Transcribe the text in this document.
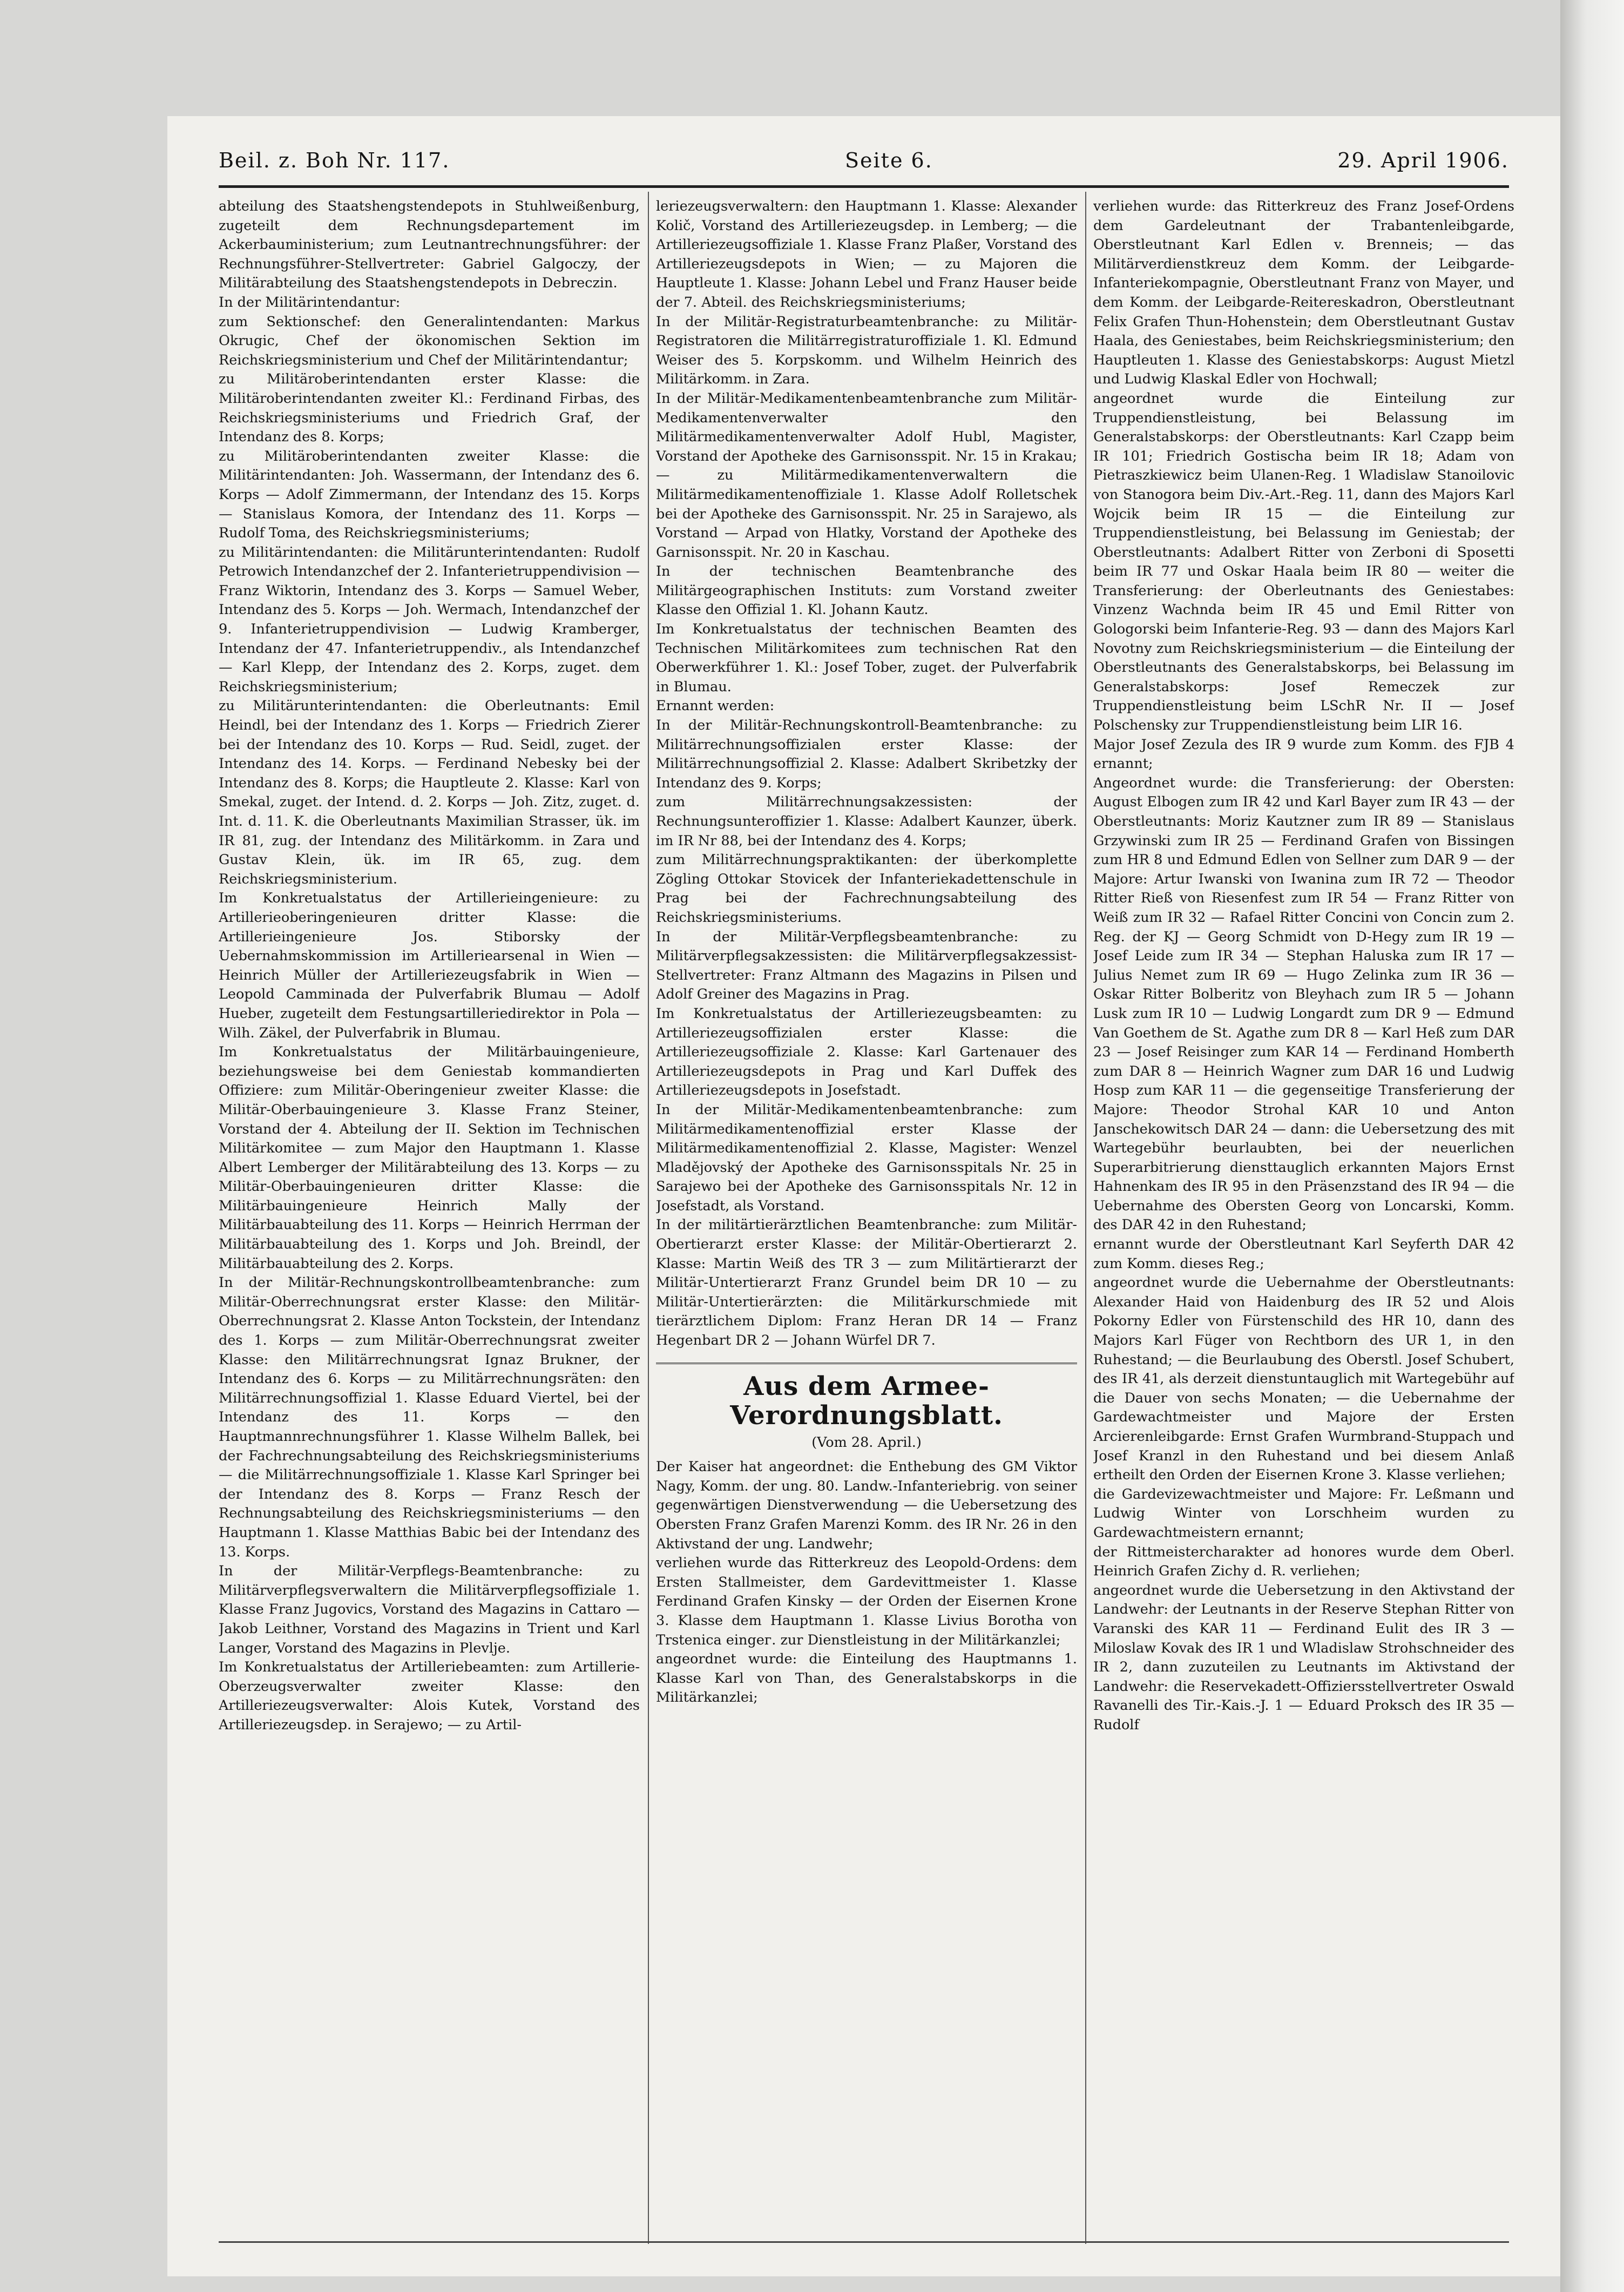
Beil. z. Boh Nr. 117.	Seite 6.	29. April 1906.

abteilung des Staatshengstendepots in Stuhlweißenburg, zugeteilt dem Rechnungsdepartement im Ackerbauministerium; zum Leutnantrechnungsführer: der Rechnungsführer-Stellvertreter: Gabriel Galgoczy, der Militärabteilung des Staatshengstendepots in Debreczin.

In der Militärintendantur:

zum Sektionschef: den Generalintendanten: Markus Okrugic, Chef der ökonomischen Sektion im Reichskriegsministerium und Chef der Militärintendantur;

zu Militäroberintendanten erster Klasse: die Militäroberintendanten zweiter Kl.: Ferdinand Firbas, des Reichskriegsministeriums und Friedrich Graf, der Intendanz des 8. Korps;

zu Militäroberintendanten zweiter Klasse: die Militärintendanten: Joh. Wassermann, der Intendanz des 6. Korps — Adolf Zimmermann, der Intendanz des 15. Korps — Stanislaus Komora, der Intendanz des 11. Korps — Rudolf Toma, des Reichskriegsministeriums;

zu Militärintendanten: die Militärunterintendanten: Rudolf Petrowich Intendanzchef der 2. Infanterietruppendivision — Franz Wiktorin, Intendanz des 3. Korps — Samuel Weber, Intendanz des 5. Korps — Joh. Wermach, Intendanzchef der 9. Infanterietruppendivision — Ludwig Kramberger, Intendanz der 47. Infanterietruppendiv., als Intendanzchef — Karl Klepp, der Intendanz des 2. Korps, zuget. dem Reichskriegsministerium;

zu Militärunterintendanten: die Oberleutnants: Emil Heindl, bei der Intendanz des 1. Korps — Friedrich Zierer bei der Intendanz des 10. Korps — Rud. Seidl, zuget. der Intendanz des 14. Korps. — Ferdinand Nebesky bei der Intendanz des 8. Korps; die Hauptleute 2. Klasse: Karl von Smekal, zuget. der Intend. d. 2. Korps — Joh. Zitz, zuget. d. Int. d. 11. K. die Oberleutnants Maximilian Strasser, ük. im IR 81, zug. der Intendanz des Militärkomm. in Zara und Gustav Klein, ük. im IR 65, zug. dem Reichskriegsministerium.

Im Konkretualstatus der Artillerieingenieure: zu Artillerieoberingenieuren dritter Klasse: die Artillerieingenieure Jos. Stiborsky der Uebernahmskommission im Artilleriearsenal in Wien — Heinrich Müller der Artilleriezeugsfabrik in Wien — Leopold Camminada der Pulverfabrik Blumau — Adolf Hueber, zugeteilt dem Festungsartilleriedirektor in Pola — Wilh. Zäkel, der Pulverfabrik in Blumau.

Im Konkretualstatus der Militärbauingenieure, beziehungsweise bei dem Geniestab kommandierten Offiziere: zum Militär-Oberingenieur zweiter Klasse: die Militär-Oberbauingenieure 3. Klasse Franz Steiner, Vorstand der 4. Abteilung der II. Sektion im Technischen Militärkomitee — zum Major den Hauptmann 1. Klasse Albert Lemberger der Militärabteilung des 13. Korps — zu Militär-Oberbauingenieuren dritter Klasse: die Militärbauingenieure Heinrich Mally der Militärbauabteilung des 11. Korps — Heinrich Herrman der Militärbauabteilung des 1. Korps und Joh. Breindl, der Militärbauabteilung des 2. Korps.

In der Militär-Rechnungskontrollbeamtenbranche: zum Militär-Oberrechnungsrat erster Klasse: den Militär-Oberrechnungsrat 2. Klasse Anton Tockstein, der Intendanz des 1. Korps — zum Militär-Oberrechnungsrat zweiter Klasse: den Militärrechnungsrat Ignaz Brukner, der Intendanz des 6. Korps — zu Militärrechnungsräten: den Militärrechnungsoffizial 1. Klasse Eduard Viertel, bei der Intendanz des 11. Korps — den Hauptmannrechnungsführer 1. Klasse Wilhelm Ballek, bei der Fachrechnungsabteilung des Reichskriegsministeriums — die Militärrechnungsoffiziale 1. Klasse Karl Springer bei der Intendanz des 8. Korps — Franz Resch der Rechnungsabteilung des Reichskriegsministeriums — den Hauptmann 1. Klasse Matthias Babic bei der Intendanz des 13. Korps.

In der Militär-Verpflegs-Beamtenbranche: zu Militärverpflegsverwaltern die Militärverpflegsoffiziale 1. Klasse Franz Jugovics, Vorstand des Magazins in Cattaro — Jakob Leithner, Vorstand des Magazins in Trient und Karl Langer, Vorstand des Magazins in Plevlje.

Im Konkretualstatus der Artilleriebeamten: zum Artillerie-Oberzeugsverwalter zweiter Klasse: den Artilleriezeugsverwalter: Alois Kutek, Vorstand des Artilleriezeugsdep. in Serajewo; — zu Artil-

leriezeugsverwaltern: den Hauptmann 1. Klasse: Alexander Količ, Vorstand des Artilleriezeugsdep. in Lemberg; — die Artilleriezeugsoffiziale 1. Klasse Franz Plaßer, Vorstand des Artilleriezeugsdepots in Wien; — zu Majoren die Hauptleute 1. Klasse: Johann Lebel und Franz Hauser beide der 7. Abteil. des Reichskriegsministeriums;

In der Militär-Registraturbeamtenbranche: zu Militär-Registratoren die Militärregistraturoffiziale 1. Kl. Edmund Weiser des 5. Korpskomm. und Wilhelm Heinrich des Militärkomm. in Zara.

In der Militär-Medikamentenbeamtenbranche zum Militär-Medikamentenverwalter den Militärmedikamentenverwalter Adolf Hubl, Magister, Vorstand der Apotheke des Garnisonsspit. Nr. 15 in Krakau; — zu Militärmedikamentenverwaltern die Militärmedikamentenoffiziale 1. Klasse Adolf Rolletschek bei der Apotheke des Garnisonsspit. Nr. 25 in Sarajewo, als Vorstand — Arpad von Hlatky, Vorstand der Apotheke des Garnisonsspit. Nr. 20 in Kaschau.

In der technischen Beamtenbranche des Militärgeographischen Instituts: zum Vorstand zweiter Klasse den Offizial 1. Kl. Johann Kautz.

Im Konkretualstatus der technischen Beamten des Technischen Militärkomitees zum technischen Rat den Oberwerkführer 1. Kl.: Josef Tober, zuget. der Pulverfabrik in Blumau.

Ernannt werden:

In der Militär-Rechnungskontroll-Beamtenbranche: zu Militärrechnungsoffizialen erster Klasse: der Militärrechnungsoffizial 2. Klasse: Adalbert Skribetzky der Intendanz des 9. Korps;

zum Militärrechnungsakzessisten: der Rechnungsunteroffizier 1. Klasse: Adalbert Kaunzer, überk. im IR Nr 88, bei der Intendanz des 4. Korps;

zum Militärrechnungspraktikanten: der überkomplette Zögling Ottokar Stovicek der Infanteriekadettenschule in Prag bei der Fachrechnungsabteilung des Reichskriegsministeriums.

In der Militär-Verpflegsbeamtenbranche: zu Militärverpflegsakzessisten: die Militärverpflegsakzessist-Stellvertreter: Franz Altmann des Magazins in Pilsen und Adolf Greiner des Magazins in Prag.

Im Konkretualstatus der Artilleriezeugsbeamten: zu Artilleriezeugsoffizialen erster Klasse: die Artilleriezeugsoffiziale 2. Klasse: Karl Gartenauer des Artilleriezeugsdepots in Prag und Karl Duffek des Artilleriezeugsdepots in Josefstadt.

In der Militär-Medikamentenbeamtenbranche: zum Militärmedikamentenoffizial erster Klasse der Militärmedikamentenoffizial 2. Klasse, Magister: Wenzel Mladějovský der Apotheke des Garnisonsspitals Nr. 25 in Sarajewo bei der Apotheke des Garnisonsspitals Nr. 12 in Josefstadt, als Vorstand.

In der militärtierärztlichen Beamtenbranche: zum Militär-Obertierarzt erster Klasse: der Militär-Obertierarzt 2. Klasse: Martin Weiß des TR 3 — zum Militärtierarzt der Militär-Untertierarzt Franz Grundel beim DR 10 — zu Militär-Untertierärzten: die Militärkurschmiede mit tierärztlichem Diplom: Franz Heran DR 14 — Franz Hegenbart DR 2 — Johann Würfel DR 7.

Aus dem Armee-Verordnungsblatt.
(Vom 28. April.)

Der Kaiser hat angeordnet: die Enthebung des GM Viktor Nagy, Komm. der ung. 80. Landw.-Infanteriebrig. von seiner gegenwärtigen Dienstverwendung — die Uebersetzung des Obersten Franz Grafen Marenzi Komm. des IR Nr. 26 in den Aktivstand der ung. Landwehr;

verliehen wurde das Ritterkreuz des Leopold-Ordens: dem Ersten Stallmeister, dem Gardevittmeister 1. Klasse Ferdinand Grafen Kinsky — der Orden der Eisernen Krone 3. Klasse dem Hauptmann 1. Klasse Livius Borotha von Trstenica eingeг. zur Dienstleistung in der Militärkanzlei;

angeordnet wurde: die Einteilung des Hauptmanns 1. Klasse Karl von Than, des Generalstabskorps in die Militärkanzlei;

verliehen wurde: das Ritterkreuz des Franz Josef-Ordens dem Gardeleutnant der Trabantenleibgarde, Oberstleutnant Karl Edlen v. Brenneis; — das Militärverdienstkreuz dem Komm. der Leibgarde-Infanteriekompagnie, Oberstleutnant Franz von Mayer, und dem Komm. der Leibgarde-Reitereskadron, Oberstleutnant Felix Grafen Thun-Hohenstein; dem Oberstleutnant Gustav Haala, des Geniestabes, beim Reichskriegsministerium; den Hauptleuten 1. Klasse des Geniestabskorps: August Mietzl und Ludwig Klaskal Edler von Hochwall;

angeordnet wurde die Einteilung zur Truppendienstleistung, bei Belassung im Generalstabskorps: der Oberstleutnants: Karl Czapp beim IR 101; Friedrich Gostischa beim IR 18; Adam von Pietraszkiewicz beim Ulanen-Reg. 1 Wladislaw Stanoilovic von Stanogora beim Div.-Art.-Reg. 11, dann des Majors Karl Wojcik beim IR 15 — die Einteilung zur Truppendienstleistung, bei Belassung im Geniestab; der Oberstleutnants: Adalbert Ritter von Zerboni di Sposetti beim IR 77 und Oskar Haala beim IR 80 — weiter die Transferierung: der Oberleutnants des Geniestabes: Vinzenz Wachnda beim IR 45 und Emil Ritter von Gologorski beim Infanterie-Reg. 93 — dann des Majors Karl Novotny zum Reichskriegsministerium — die Einteilung der Oberstleutnants des Generalstabskorps, bei Belassung im Generalstabskorps: Josef Remeczek zur Truppendienstleistung beim LSchR Nr. II — Josef Polschensky zur Truppendienstleistung beim LIR 16.

Major Josef Zezula des IR 9 wurde zum Komm. des FJB 4 ernannt;

Angeordnet wurde: die Transferierung: der Obersten: August Elbogen zum IR 42 und Karl Bayer zum IR 43 — der Oberstleutnants: Moriz Kautzner zum IR 89 — Stanislaus Grzywinski zum IR 25 — Ferdinand Grafen von Bissingen zum HR 8 und Edmund Edlen von Sellner zum DAR 9 — der Majore: Artur Iwanski von Iwanina zum IR 72 — Theodor Ritter Rieß von Riesenfest zum IR 54 — Franz Ritter von Weiß zum IR 32 — Rafael Ritter Concini von Concin zum 2. Reg. der KJ — Georg Schmidt von D-Hegy zum IR 19 — Josef Leide zum IR 34 — Stephan Haluska zum IR 17 — Julius Nemet zum IR 69 — Hugo Zelinka zum IR 36 — Oskar Ritter Bolberitz von Bleyhach zum IR 5 — Johann Lusk zum IR 10 — Ludwig Longardt zum DR 9 — Edmund Van Goethem de St. Agathe zum DR 8 — Karl Heß zum DAR 23 — Josef Reisinger zum KAR 14 — Ferdinand Homberth zum DAR 8 — Heinrich Wagner zum DAR 16 und Ludwig Hosp zum KAR 11 — die gegenseitige Transferierung der Majore: Theodor Strohal KAR 10 und Anton Janschekowitsch DAR 24 — dann: die Uebersetzung des mit Wartegebühr beurlaubten, bei der neuerlichen Superarbitrierung diensttauglich erkannten Majors Ernst Hahnenkam des IR 95 in den Präsenzstand des IR 94 — die Uebernahme des Obersten Georg von Loncarski, Komm. des DAR 42 in den Ruhestand;

ernannt wurde der Oberstleutnant Karl Seyferth DAR 42 zum Komm. dieses Reg.;

angeordnet wurde die Uebernahme der Oberstleutnants: Alexander Haid von Haidenburg des IR 52 und Alois Pokorny Edler von Fürstenschild des HR 10, dann des Majors Karl Füger von Rechtborn des UR 1, in den Ruhestand; — die Beurlaubung des Oberstl. Josef Schubert, des IR 41, als derzeit dienstuntauglich mit Wartegebühr auf die Dauer von sechs Monaten; — die Uebernahme der Gardewachtmeister und Majore der Ersten Arcierenleibgarde: Ernst Grafen Wurmbrand-Stuppach und Josef Kranzl in den Ruhestand und bei diesem Anlaß ertheilt den Orden der Eisernen Krone 3. Klasse verliehen;

die Gardevizewachtmeister und Majore: Fr. Leßmann und Ludwig Winter von Lorschheim wurden zu Gardewachtmeistern ernannt;

der Rittmeistercharakter ad honores wurde dem Oberl. Heinrich Grafen Zichy d. R. verliehen;

angeordnet wurde die Uebersetzung in den Aktivstand der Landwehr: der Leutnants in der Reserve Stephan Ritter von Varanski des KAR 11 — Ferdinand Eulit des IR 3 — Miloslaw Kovak des IR 1 und Wladislaw Strohschneider des IR 2, dann zuzuteilen zu Leutnants im Aktivstand der Landwehr: die Reservekadett-Offiziersstellvertreter Oswald Ravanelli des Tir.-Kais.-J. 1 — Eduard Proksch des IR 35 — Rudolf
